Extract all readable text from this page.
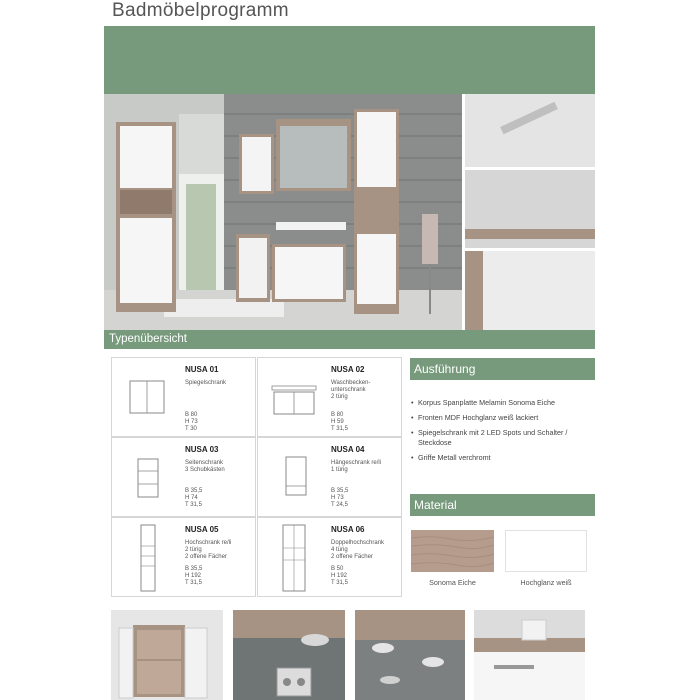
Badmöbelprogramm
Typenübersicht
NUSA 01
Spiegelschrank
B 80
H 73
T 30
NUSA 02
Waschbecken-
unterschrank
2 türig
B 80
H 59
T 31,5
NUSA 03
Seitenschrank
3 Schubkästen
B 35,5
H 74
T 31,5
NUSA 04
Hängeschrank re/li
1 türig
B 35,5
H 73
T 24,5
NUSA 05
Hochschrank re/li
2 türig
2 offene Fächer
B 35,5
H 192
T 31,5
NUSA 06
Doppelhochschrank
4 türig
2 offene Fächer
B 50
H 192
T 31,5
Ausführung
• Korpus Spanplatte Melamin Sonoma Eiche
• Fronten MDF Hochglanz weiß lackiert
• Spiegelschrank mit 2 LED Spots und Schalter / Steckdose
• Griffe Metall verchromt
Material
Sonoma Eiche	Hochglanz weiß
